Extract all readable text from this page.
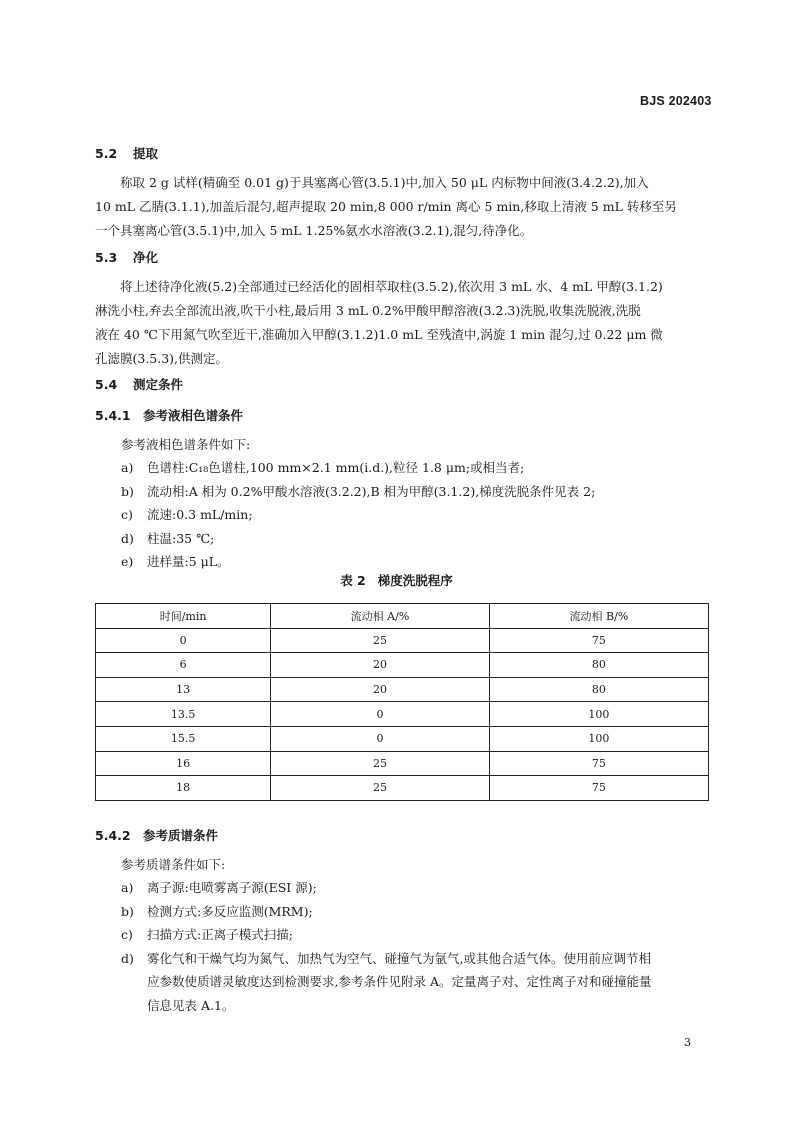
BJS 202403
5.2 提取
称取 2 g 试样(精确至 0.01 g)于具塞离心管(3.5.1)中,加入 50 μL 内标物中间液(3.4.2.2),加入
10 mL 乙腈(3.1.1),加盖后混匀,超声提取 20 min,8 000 r/min 离心 5 min,移取上清液 5 mL 转移至另
一个具塞离心管(3.5.1)中,加入 5 mL 1.25%氨水水溶液(3.2.1),混匀,待净化。
5.3 净化
将上述待净化液(5.2)全部通过已经活化的固相萃取柱(3.5.2),依次用 3 mL 水、4 mL 甲醇(3.1.2)
淋洗小柱,弃去全部流出液,吹干小柱,最后用 3 mL 0.2%甲酸甲醇溶液(3.2.3)洗脱,收集洗脱液,洗脱
液在 40 ℃下用氮气吹至近干,准确加入甲醇(3.1.2)1.0 mL 至残渣中,涡旋 1 min 混匀,过 0.22 μm 微
孔滤膜(3.5.3),供测定。
5.4 测定条件
5.4.1 参考液相色谱条件
参考液相色谱条件如下:
a) 色谱柱:C₁₈色谱柱,100 mm×2.1 mm(i.d.),粒径 1.8 μm;或相当者;
b) 流动相:A 相为 0.2%甲酸水溶液(3.2.2),B 相为甲醇(3.1.2),梯度洗脱条件见表 2;
c) 流速:0.3 mL/min;
d) 柱温:35 ℃;
e) 进样量:5 μL。
表 2 梯度洗脱程序
时间/min	流动相 A/%	流动相 B/%
0	25	75
6	20	80
13	20	80
13.5	0	100
15.5	0	100
16	25	75
18	25	75
5.4.2 参考质谱条件
参考质谱条件如下:
a) 离子源:电喷雾离子源(ESI 源);
b) 检测方式:多反应监测(MRM);
c) 扫描方式:正离子模式扫描;
d) 雾化气和干燥气均为氮气、加热气为空气、碰撞气为氩气,或其他合适气体。使用前应调节相
应参数使质谱灵敏度达到检测要求,参考条件见附录 A。定量离子对、定性离子对和碰撞能量
信息见表 A.1。
3
